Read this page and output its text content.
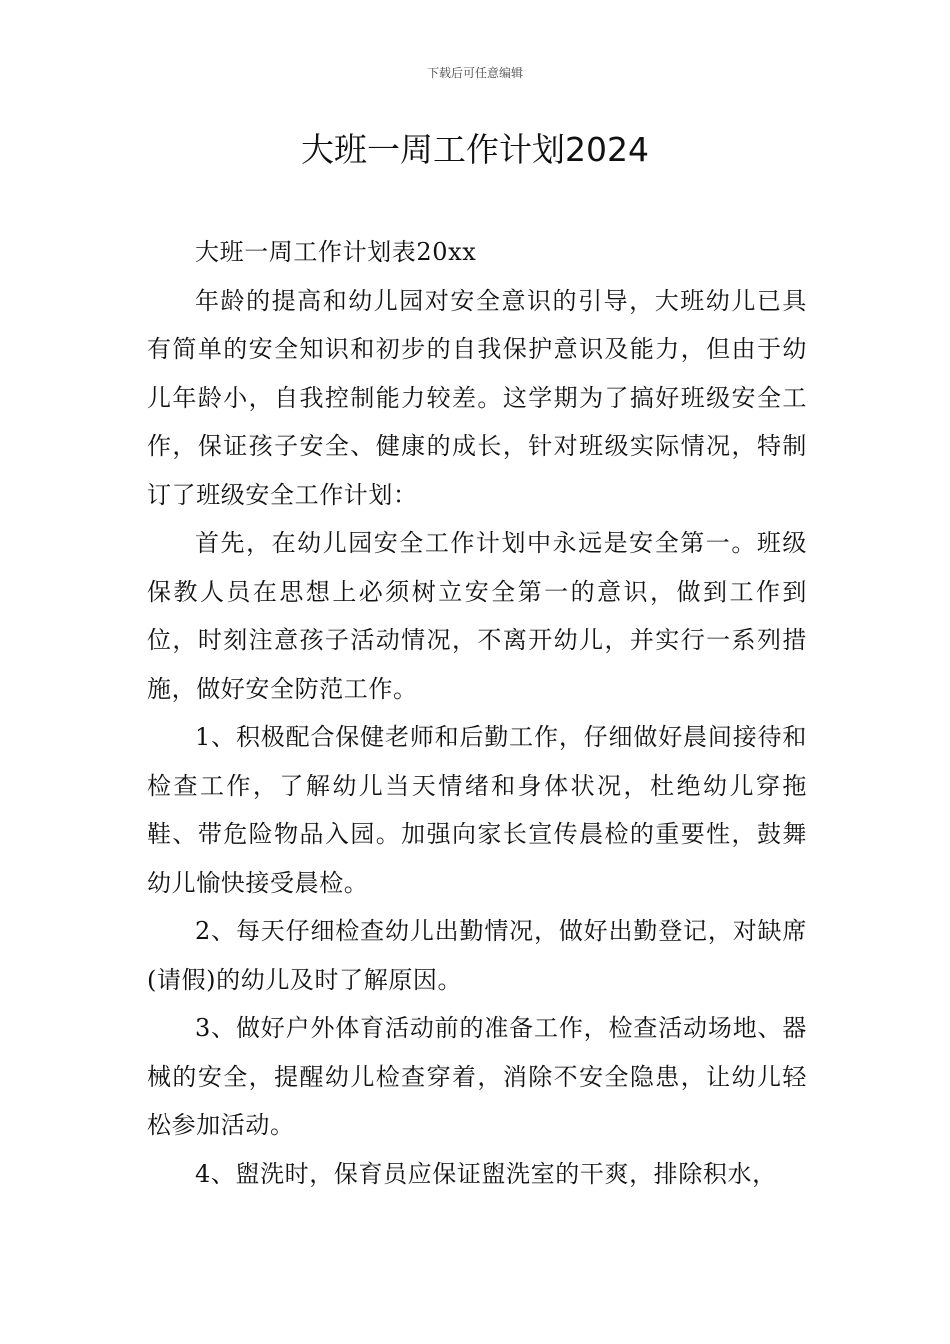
下载后可任意编辑
大班一周工作计划2024

大班一周工作计划表20xx

年龄的提高和幼儿园对安全意识的引导，大班幼儿已具有简单的安全知识和初步的自我保护意识及能力，但由于幼儿年龄小，自我控制能力较差。这学期为了搞好班级安全工作，保证孩子安全、健康的成长，针对班级实际情况，特制订了班级安全工作计划：

首先，在幼儿园安全工作计划中永远是安全第一。班级保教人员在思想上必须树立安全第一的意识，做到工作到位，时刻注意孩子活动情况，不离开幼儿，并实行一系列措施，做好安全防范工作。

1、积极配合保健老师和后勤工作，仔细做好晨间接待和检查工作，了解幼儿当天情绪和身体状况，杜绝幼儿穿拖鞋、带危险物品入园。加强向家长宣传晨检的重要性，鼓舞幼儿愉快接受晨检。

2、每天仔细检查幼儿出勤情况，做好出勤登记，对缺席(请假)的幼儿及时了解原因。

3、做好户外体育活动前的准备工作，检查活动场地、器械的安全，提醒幼儿检查穿着，消除不安全隐患，让幼儿轻松参加活动。

4、盥洗时，保育员应保证盥洗室的干爽，排除积水，
